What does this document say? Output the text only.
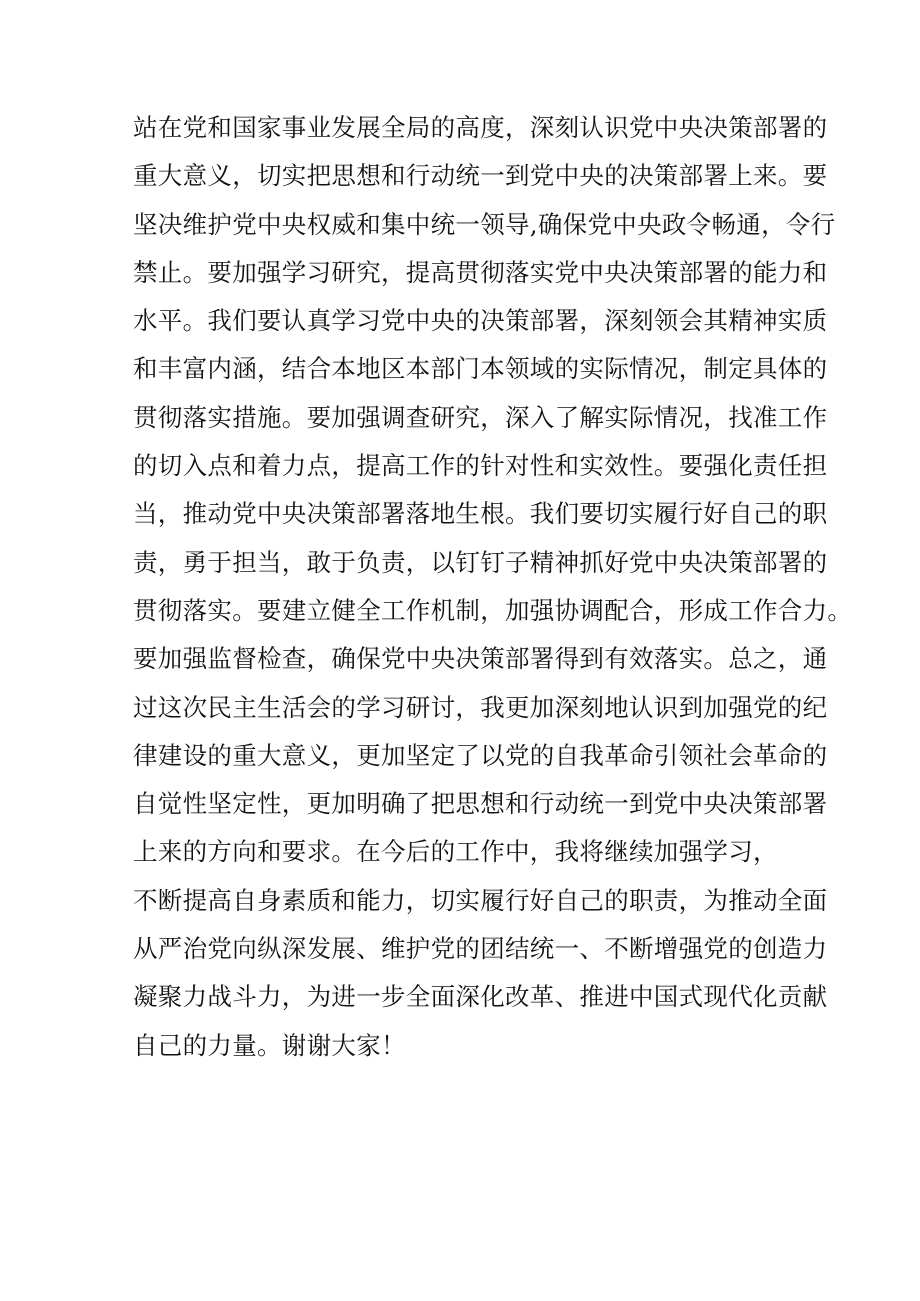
站在党和国家事业发展全局的高度，深刻认识党中央决策部署的
重大意义，切实把思想和行动统一到党中央的决策部署上来。要
坚决维护党中央权威和集中统一领导,确保党中央政令畅通，令行
禁止。要加强学习研究，提高贯彻落实党中央决策部署的能力和
水平。我们要认真学习党中央的决策部署，深刻领会其精神实质
和丰富内涵，结合本地区本部门本领域的实际情况，制定具体的
贯彻落实措施。要加强调查研究，深入了解实际情况，找准工作
的切入点和着力点，提高工作的针对性和实效性。要强化责任担
当，推动党中央决策部署落地生根。我们要切实履行好自己的职
责，勇于担当，敢于负责，以钉钉子精神抓好党中央决策部署的
贯彻落实。要建立健全工作机制，加强协调配合，形成工作合力。
要加强监督检查，确保党中央决策部署得到有效落实。总之，通
过这次民主生活会的学习研讨，我更加深刻地认识到加强党的纪
律建设的重大意义，更加坚定了以党的自我革命引领社会革命的
自觉性坚定性，更加明确了把思想和行动统一到党中央决策部署
上来的方向和要求。在今后的工作中，我将继续加强学习，
不断提高自身素质和能力，切实履行好自己的职责，为推动全面
从严治党向纵深发展、维护党的团结统一、不断增强党的创造力
凝聚力战斗力，为进一步全面深化改革、推进中国式现代化贡献
自己的力量。谢谢大家！
